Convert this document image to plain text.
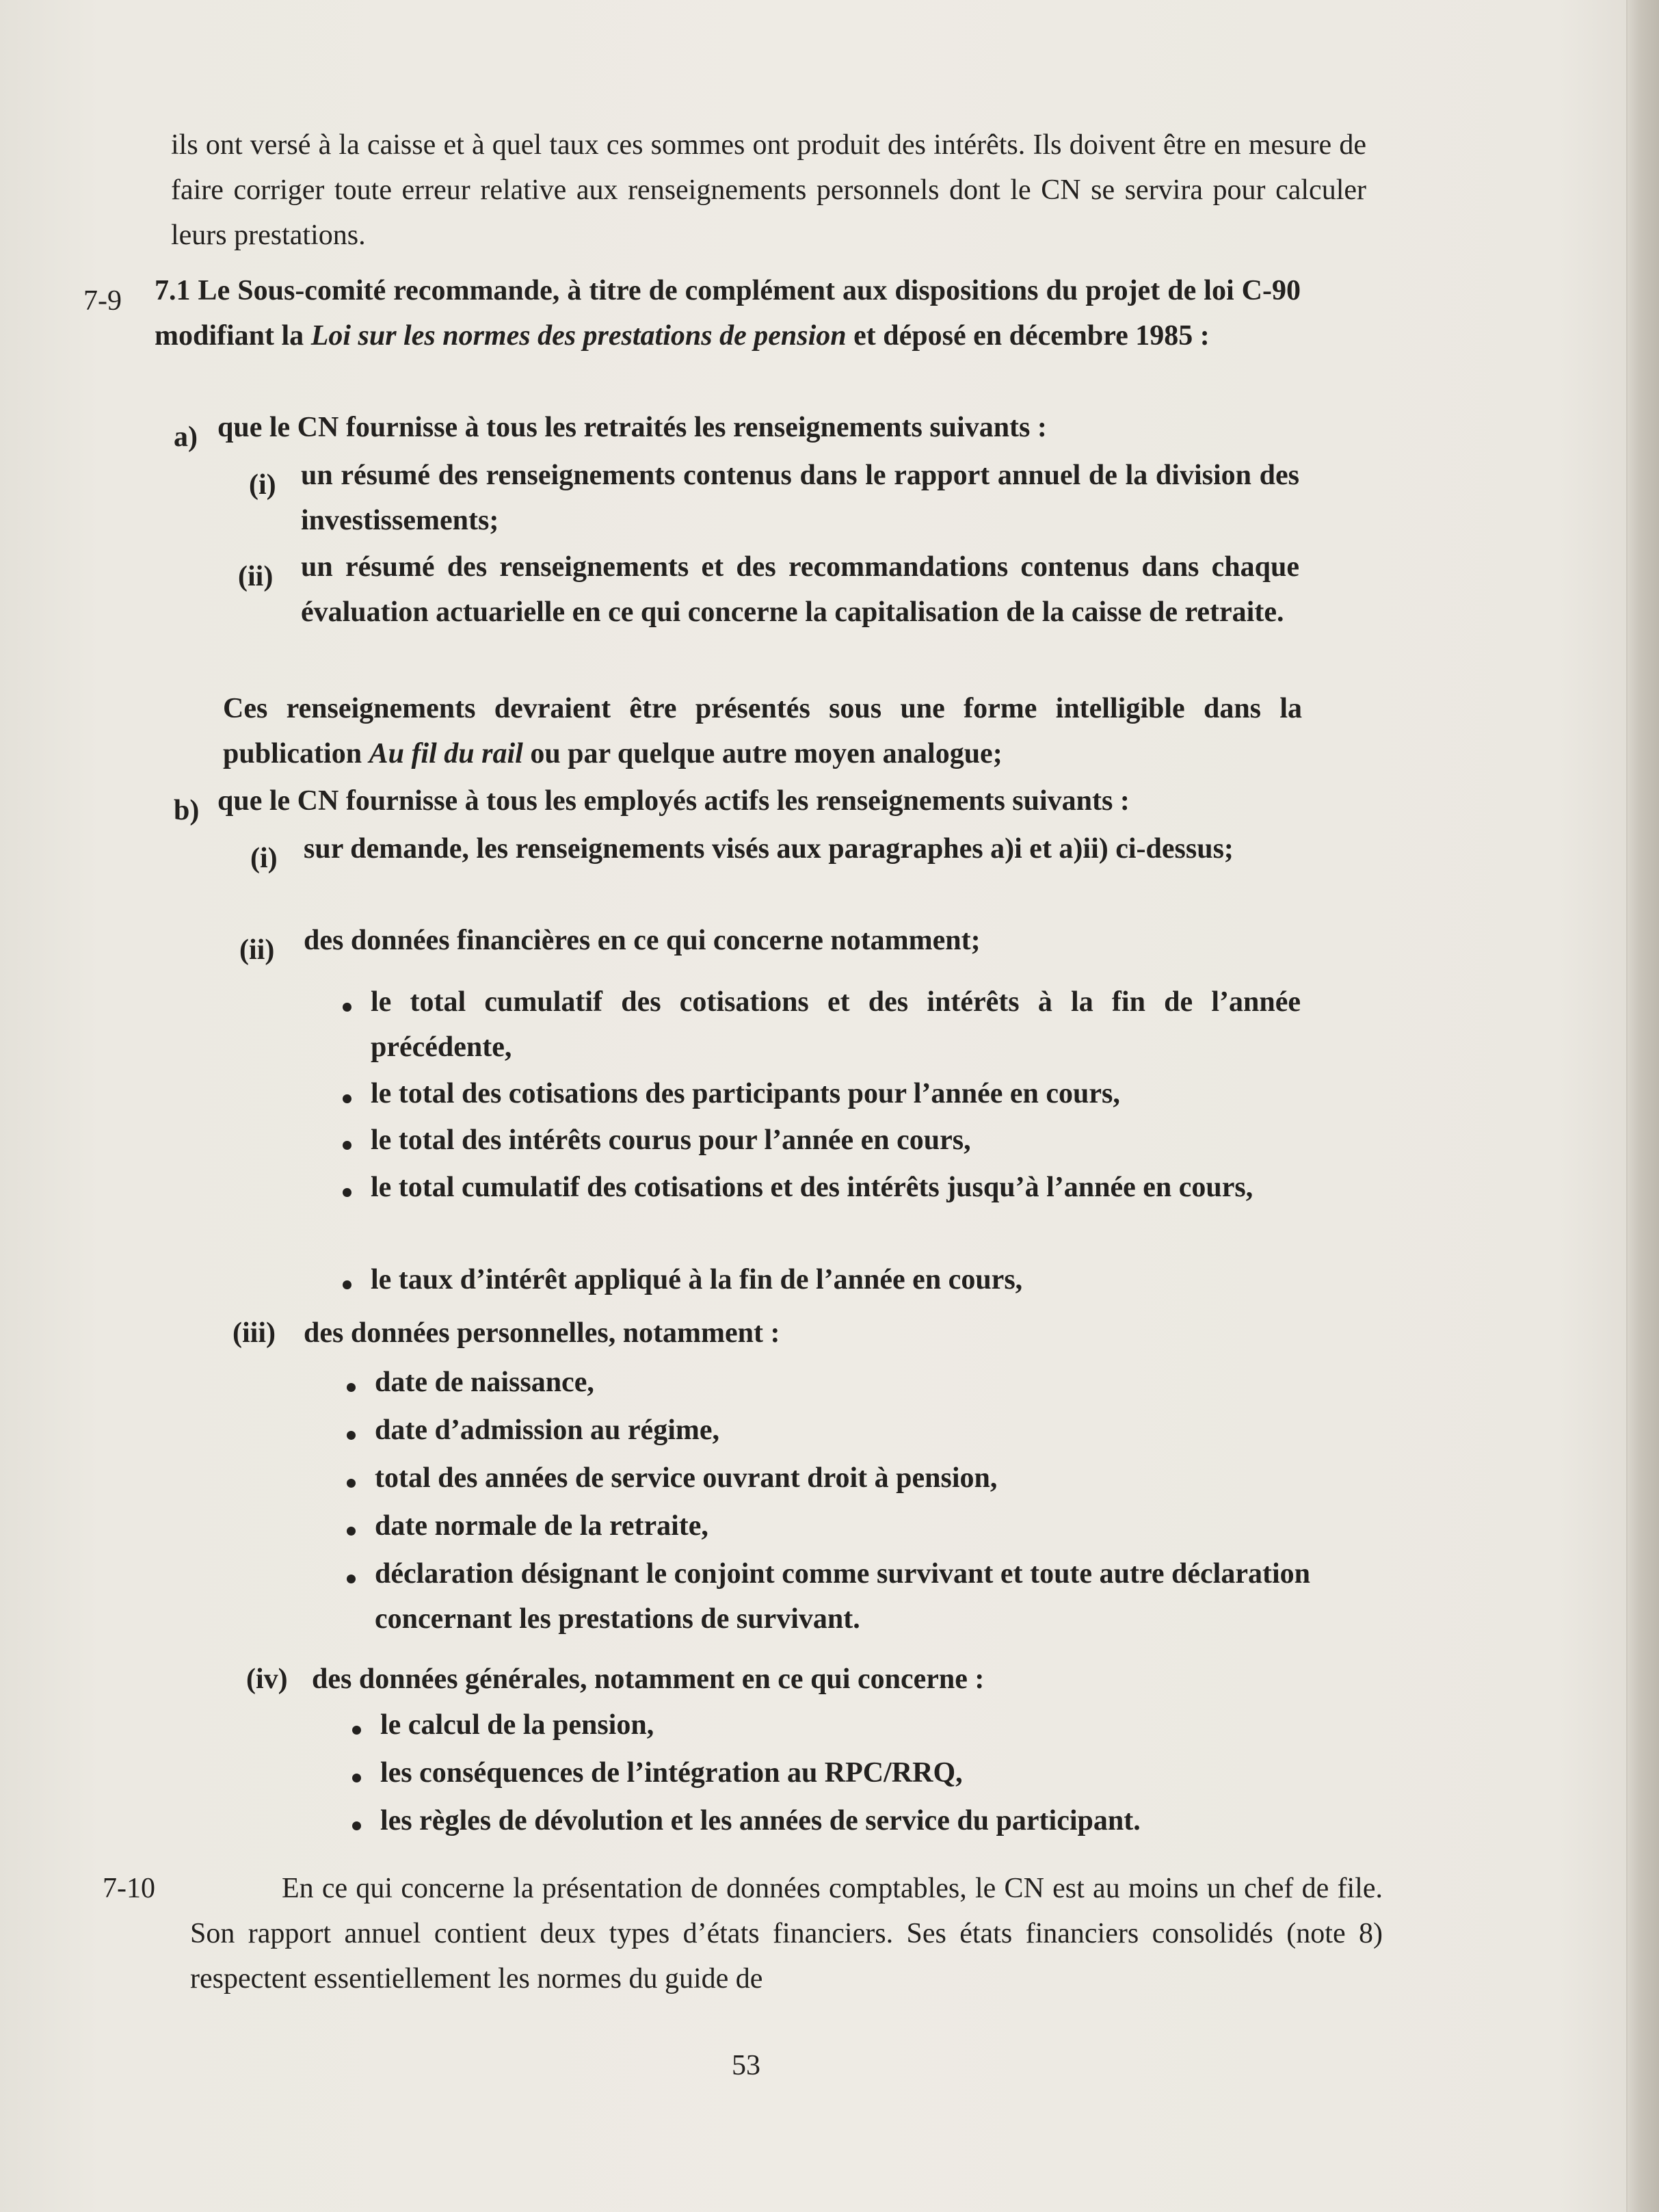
ils ont versé à la caisse et à quel taux ces sommes ont produit des intérêts. Ils doivent être en mesure de faire corriger toute erreur relative aux renseignements personnels dont le CN se servira pour calculer leurs prestations.

7-9 7.1 Le Sous-comité recommande, à titre de complément aux dispositions du projet de loi C-90 modifiant la Loi sur les normes des prestations de pension et déposé en décembre 1985 :

a) que le CN fournisse à tous les retraités les renseignements suivants :

(i) un résumé des renseignements contenus dans le rapport annuel de la division des investissements;

(ii) un résumé des renseignements et des recommandations contenus dans chaque évaluation actuarielle en ce qui concerne la capitalisation de la caisse de retraite.

Ces renseignements devraient être présentés sous une forme intelligible dans la publication Au fil du rail ou par quelque autre moyen analogue;

b) que le CN fournisse à tous les employés actifs les renseignements suivants :

(i) sur demande, les renseignements visés aux paragraphes a)i et a)ii) ci-dessus;

(ii) des données financières en ce qui concerne notamment;

le total cumulatif des cotisations et des intérêts à la fin de l’année précédente,

le total des cotisations des participants pour l’année en cours,

le total des intérêts courus pour l’année en cours,

le total cumulatif des cotisations et des intérêts jusqu’à l’année en cours,

le taux d’intérêt appliqué à la fin de l’année en cours,

(iii) des données personnelles, notamment :

date de naissance,

date d’admission au régime,

total des années de service ouvrant droit à pension,

date normale de la retraite,

déclaration désignant le conjoint comme survivant et toute autre déclaration concernant les prestations de survivant.

(iv) des données générales, notamment en ce qui concerne :

le calcul de la pension,

les conséquences de l’intégration au RPC/RRQ,

les règles de dévolution et les années de service du participant.

7-10	En ce qui concerne la présentation de données comptables, le CN est au moins un chef de file. Son rapport annuel contient deux types d’états financiers. Ses états financiers consolidés (note 8) respectent essentiellement les normes du guide de

53
